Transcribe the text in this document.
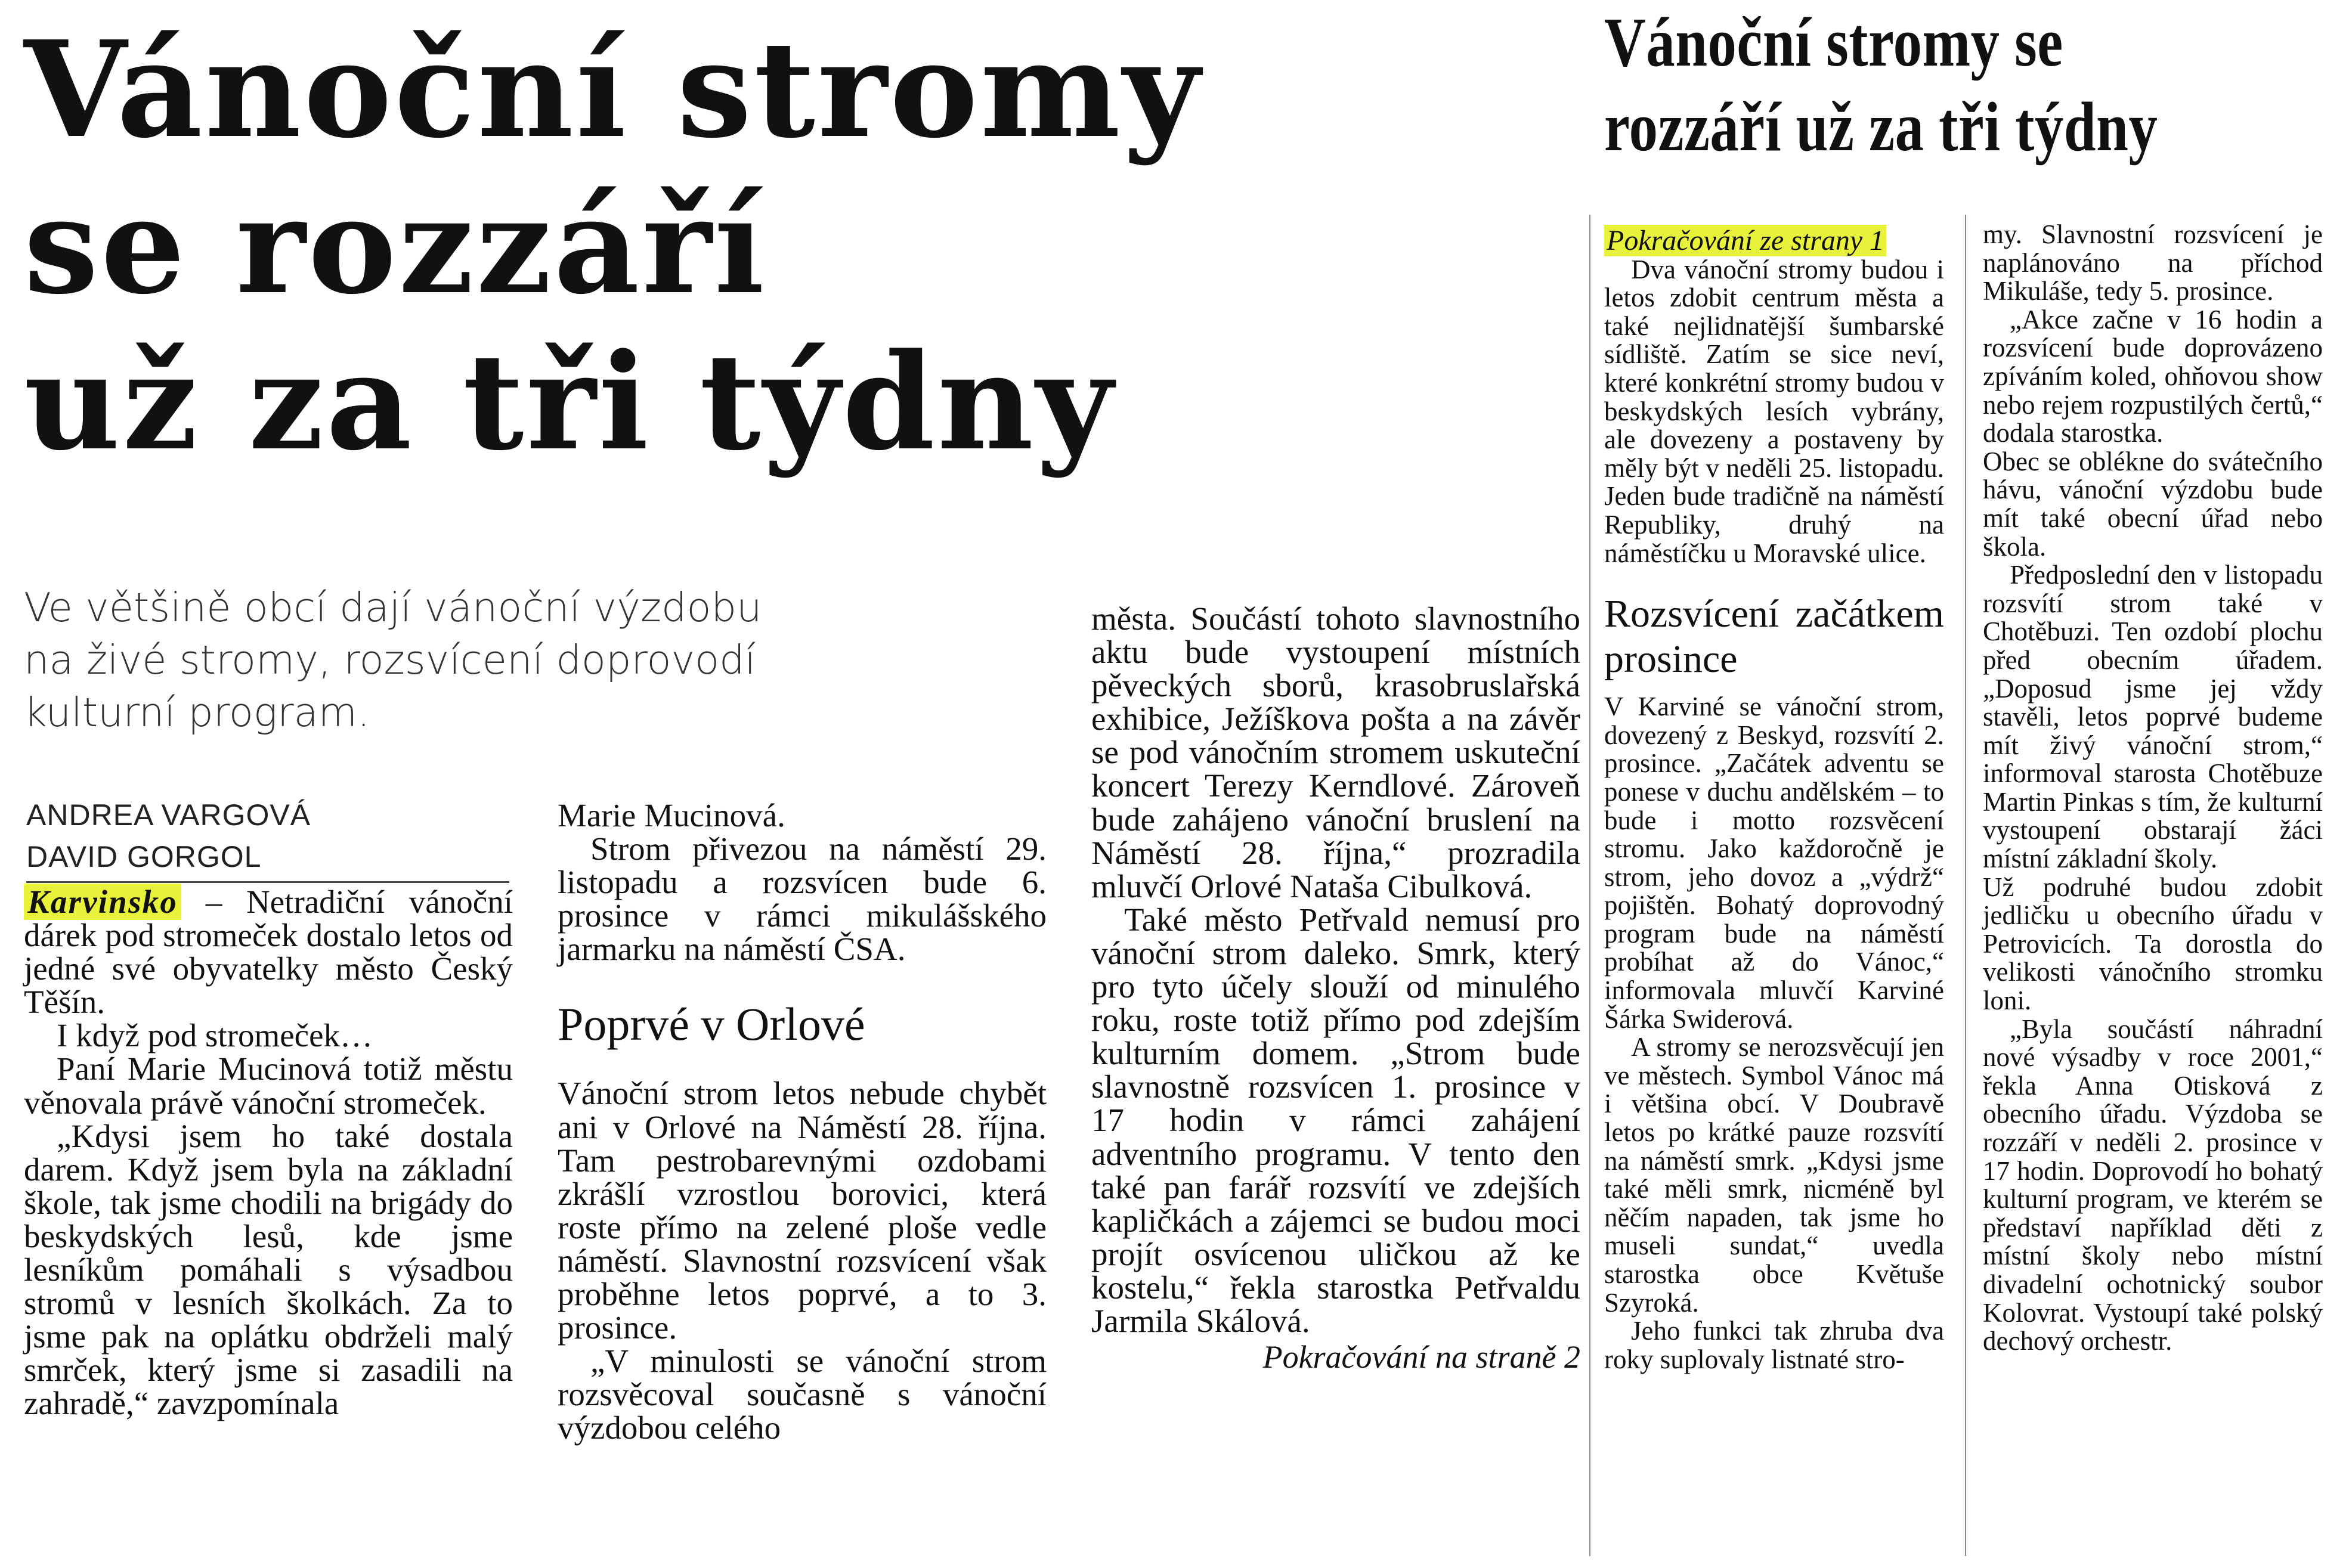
Vánoční stromy
se rozzáří
už za tři týdny
Vánoční stromy se
rozzáří už za tři týdny

Ve většině obcí dají vánoční výzdobu
na živé stromy, rozsvícení doprovodí
kulturní program.

ANDREA VARGOVÁ
DAVID GORGOL

Karvinsko – Netradiční vánoční dárek pod stromeček dostalo letos od jedné své obyvatelky město Český Těšín.

I když pod stromeček…

Paní Marie Mucinová totiž městu věnovala právě vánoční stromeček.

„Kdysi jsem ho také dostala darem. Když jsem byla na základní škole, tak jsme chodili na brigády do beskydských lesů, kde jsme lesníkům pomáhali s výsadbou stromů v lesních školkách. Za to jsme pak na oplátku obdrželi malý smrček, který jsme si zasadili na zahradě,“ zavzpomínala

Marie Mucinová.

Strom přivezou na náměstí 29. listopadu a rozsvícen bude 6. prosince v rámci mikulášského jarmarku na náměstí ČSA.

Poprvé v Orlové

Vánoční strom letos nebude chybět ani v Orlové na Náměstí 28. října. Tam pestrobarevnými ozdobami zkrášlí vzrostlou borovici, která roste přímo na zelené ploše vedle náměstí. Slavnostní rozsvícení však proběhne letos poprvé, a to 3. prosince.

„V minulosti se vánoční strom rozsvěcoval současně s vánoční výzdobou celého

města. Součástí tohoto slavnostního aktu bude vystoupení místních pěveckých sborů, krasobruslařská exhibice, Ježíškova pošta a na závěr se pod vánočním stromem uskuteční koncert Terezy Kerndlové. Zároveň bude zahájeno vánoční bruslení na Náměstí 28. října,“ prozradila mluvčí Orlové Nataša Cibulková.

Také město Petřvald nemusí pro vánoční strom daleko. Smrk, který pro tyto účely slouží od minulého roku, roste totiž přímo pod zdejším kulturním domem. „Strom bude slavnostně rozsvícen 1. prosince v 17 hodin v rámci zahájení adventního programu. V tento den také pan farář rozsvítí ve zdejších kapličkách a zájemci se budou moci projít osvícenou uličkou až ke kostelu,“ řekla starostka Petřvaldu Jarmila Skálová.

Pokračování na straně 2

Pokračování ze strany 1

Dva vánoční stromy budou i letos zdobit centrum města a také nejlidnatější šumbarské sídliště. Zatím se sice neví, které konkrétní stromy budou v beskydských lesích vybrány, ale dovezeny a postaveny by měly být v neděli 25. listopadu. Jeden bude tradičně na náměstí Republiky, druhý na náměstíčku u Moravské ulice.

Rozsvícení začátkem prosince

V Karviné se vánoční strom, dovezený z Beskyd, rozsvítí 2. prosince. „Začátek adventu se ponese v duchu andělském – to bude i motto rozsvěcení stromu. Jako každoročně je strom, jeho dovoz a „výdrž“ pojištěn. Bohatý doprovodný program bude na náměstí probíhat až do Vánoc,“ informovala mluvčí Karviné Šárka Swiderová.

A stromy se nerozsvěcují jen ve městech. Symbol Vánoc má i většina obcí. V Doubravě letos po krátké pauze rozsvítí na náměstí smrk. „Kdysi jsme také měli smrk, nicméně byl něčím napaden, tak jsme ho museli sundat,“ uvedla starostka obce Květuše Szyroká.

Jeho funkci tak zhruba dva roky suplovaly listnaté stro-

my. Slavnostní rozsvícení je naplánováno na příchod Mikuláše, tedy 5. prosince.

„Akce začne v 16 hodin a rozsvícení bude doprovázeno zpíváním koled, ohňovou show nebo rejem rozpustilých čertů,“ dodala starostka.

Obec se oblékne do svátečního hávu, vánoční výzdobu bude mít také obecní úřad nebo škola.

Předposlední den v listopadu rozsvítí strom také v Chotěbuzi. Ten ozdobí plochu před obecním úřadem. „Doposud jsme jej vždy stavěli, letos poprvé budeme mít živý vánoční strom,“ informoval starosta Chotěbuze Martin Pinkas s tím, že kulturní vystoupení obstarají žáci místní základní školy.

Už podruhé budou zdobit jedličku u obecního úřadu v Petrovicích. Ta dorostla do velikosti vánočního stromku loni.

„Byla součástí náhradní nové výsadby v roce 2001,“ řekla Anna Otisková z obecního úřadu. Výzdoba se rozzáří v neděli 2. prosince v 17 hodin. Doprovodí ho bohatý kulturní program, ve kterém se představí například děti z místní školy nebo místní divadelní ochotnický soubor Kolovrat. Vystoupí také polský dechový orchestr.
